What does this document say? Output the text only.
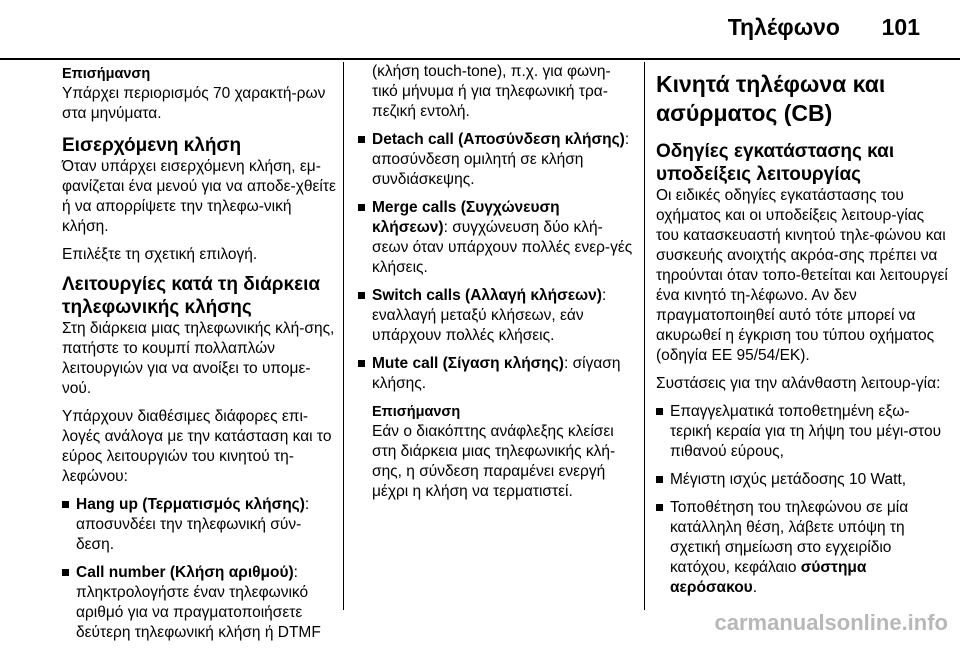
Τηλέφωνο 101
Επισήμανση

Υπάρχει περιορισμός 70 χαρακτή-ρων στα μηνύματα.

Εισερχόμενη κλήση

Όταν υπάρχει εισερχόμενη κλήση, εμ-φανίζεται ένα μενού για να αποδε-χθείτε ή να απορρίψετε την τηλεφω-νική κλήση.

Επιλέξτε τη σχετική επιλογή.

Λειτουργίες κατά τη διάρκεια τηλεφωνικής κλήσης

Στη διάρκεια μιας τηλεφωνικής κλή-σης, πατήστε το κουμπί πολλαπλών λειτουργιών για να ανοίξει το υπομε-νού.

Υπάρχουν διαθέσιμες διάφορες επι-λογές ανάλογα με την κατάσταση και το εύρος λειτουργιών του κινητού τη-λεφώνου:

Hang up (Τερματισμός κλήσης): αποσυνδέει την τηλεφωνική σύν-δεση.
Call number (Κλήση αριθμού): πληκτρολογήστε έναν τηλεφωνικό αριθμό για να πραγματοποιήσετε δεύτερη τηλεφωνική κλήση ή DTMF

(κλήση touch-tone), π.χ. για φωνη-τικό μήνυμα ή για τηλεφωνική τρα-πεζική εντολή.

Detach call (Αποσύνδεση κλήσης): αποσύνδεση ομιλητή σε κλήση συνδιάσκεψης.
Merge calls (Συγχώνευση κλήσεων): συγχώνευση δύο κλή-σεων όταν υπάρχουν πολλές ενερ-γές κλήσεις.
Switch calls (Αλλαγή κλήσεων): εναλλαγή μεταξύ κλήσεων, εάν υπάρχουν πολλές κλήσεις.
Mute call (Σίγαση κλήσης): σίγαση κλήσης.
Επισήμανση

Εάν ο διακόπτης ανάφλεξης κλείσει στη διάρκεια μιας τηλεφωνικής κλή-σης, η σύνδεση παραμένει ενεργή μέχρι η κλήση να τερματιστεί.

Κινητά τηλέφωνα και ασύρματος (CB)
Οδηγίες εγκατάστασης και υποδείξεις λειτουργίας

Οι ειδικές οδηγίες εγκατάστασης του οχήματος και οι υποδείξεις λειτουρ-γίας του κατασκευαστή κινητού τηλε-φώνου και συσκευής ανοιχτής ακρόα-σης πρέπει να τηρούνται όταν τοπο-θετείται και λειτουργεί ένα κινητό τη-λέφωνο. Αν δεν πραγματοποιηθεί αυτό τότε μπορεί να ακυρωθεί η έγκριση του τύπου οχήματος (οδηγία ΕΕ 95/54/ΕΚ).

Συστάσεις για την αλάνθαστη λειτουρ-γία:

Επαγγελματικά τοποθετημένη εξω-τερική κεραία για τη λήψη του μέγι-στου πιθανού εύρους,
Μέγιστη ισχύς μετάδοσης 10 Watt,
Τοποθέτηση του τηλεφώνου σε μία κατάλληλη θέση, λάβετε υπόψη τη σχετική σημείωση στο εγχειρίδιο κατόχου, κεφάλαιο σύστημα αερόσακου.
carmanualsonline.info
